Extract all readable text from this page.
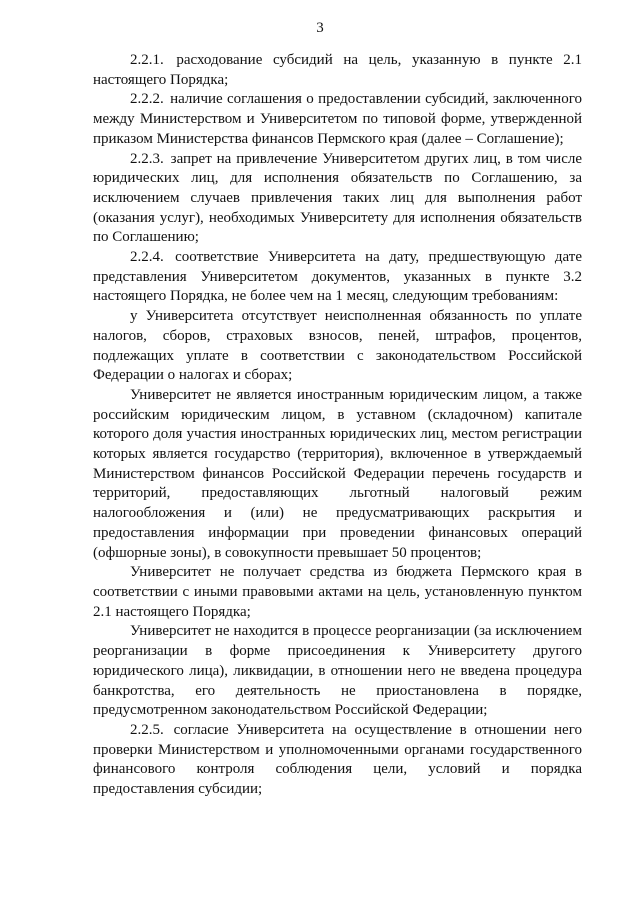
3

2.2.1. расходование субсидий на цель, указанную в пункте 2.1 настоящего Порядка;

2.2.2. наличие соглашения о предоставлении субсидий, заключенного между Министерством и Университетом по типовой форме, утвержденной приказом Министерства финансов Пермского края (далее – Соглашение);

2.2.3. запрет на привлечение Университетом других лиц, в том числе юридических лиц, для исполнения обязательств по Соглашению, за исключением случаев привлечения таких лиц для выполнения работ (оказания услуг), необходимых Университету для исполнения обязательств по Соглашению;

2.2.4. соответствие Университета на дату, предшествующую дате представления Университетом документов, указанных в пункте 3.2 настоящего Порядка, не более чем на 1 месяц, следующим требованиям:

у Университета отсутствует неисполненная обязанность по уплате налогов, сборов, страховых взносов, пеней, штрафов, процентов, подлежащих уплате в соответствии с законодательством Российской Федерации о налогах и сборах;

Университет не является иностранным юридическим лицом, а также российским юридическим лицом, в уставном (складочном) капитале которого доля участия иностранных юридических лиц, местом регистрации которых является государство (территория), включенное в утверждаемый Министерством финансов Российской Федерации перечень государств и территорий, предоставляющих льготный налоговый режим налогообложения и (или) не предусматривающих раскрытия и предоставления информации при проведении финансовых операций (офшорные зоны), в совокупности превышает 50 процентов;

Университет не получает средства из бюджета Пермского края в соответствии с иными правовыми актами на цель, установленную пунктом 2.1 настоящего Порядка;

Университет не находится в процессе реорганизации (за исключением реорганизации в форме присоединения к Университету другого юридического лица), ликвидации, в отношении него не введена процедура банкротства, его деятельность не приостановлена в порядке, предусмотренном законодательством Российской Федерации;

2.2.5. согласие Университета на осуществление в отношении него проверки Министерством и уполномоченными органами государственного финансового контроля соблюдения цели, условий и порядка предоставления субсидии;
